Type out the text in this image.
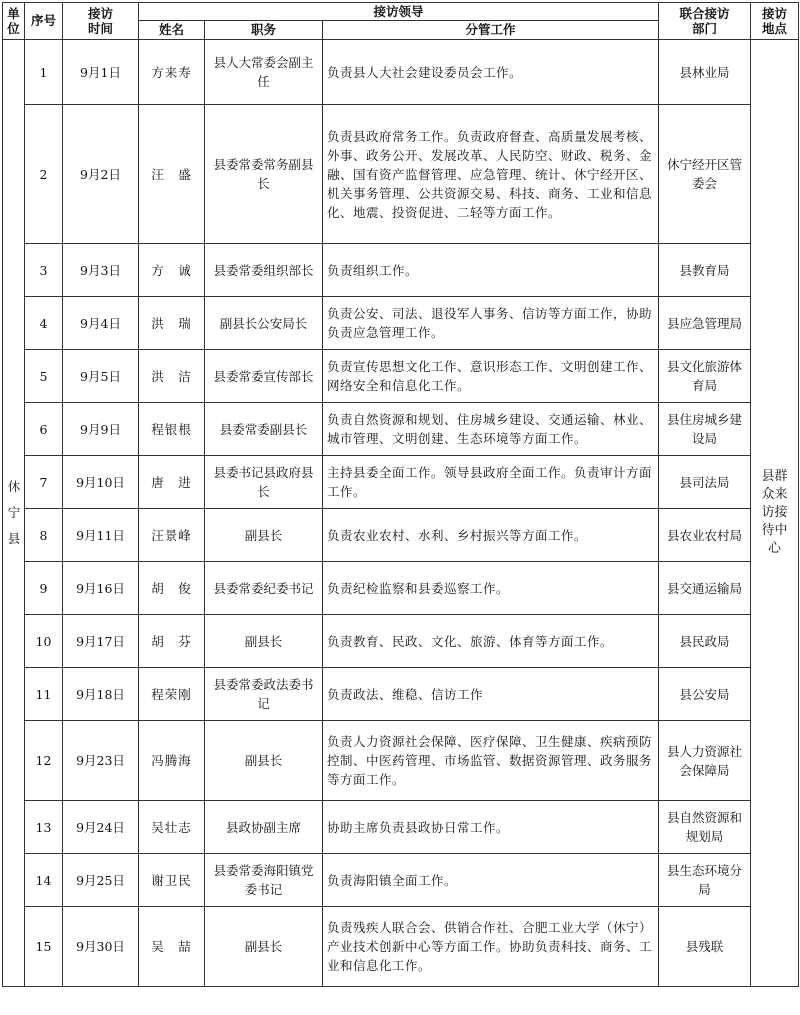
单位	序号	接访时间	接访领导			联合接访部门	接访地点
			姓名	职务	分管工作		
休宁县	1	9月1日	方来寿	县人大常委会副主任	负责县人大社会建设委员会工作。	县林业局	县群众来访接待中心
	2	9月2日	汪　盛	县委常委常务副县长	负责县政府常务工作。负责政府督查、高质量发展考核、外事、政务公开、发展改革、人民防空、财政、税务、金融、国有资产监督管理、应急管理、统计、休宁经开区、机关事务管理、公共资源交易、科技、商务、工业和信息化、地震、投资促进、二轻等方面工作。	休宁经开区管委会	
	3	9月3日	方　诚	县委常委组织部长	负责组织工作。	县教育局	
	4	9月4日	洪　瑞	副县长公安局长	负责公安、司法、退役军人事务、信访等方面工作，协助负责应急管理工作。	县应急管理局	
	5	9月5日	洪　洁	县委常委宣传部长	负责宣传思想文化工作、意识形态工作、文明创建工作、网络安全和信息化工作。	县文化旅游体育局	
	6	9月9日	程银根	县委常委副县长	负责自然资源和规划、住房城乡建设、交通运输、林业、城市管理、文明创建、生态环境等方面工作。	县住房城乡建设局	
	7	9月10日	唐　进	县委书记县政府县长	主持县委全面工作。领导县政府全面工作。负责审计方面工作。	县司法局	
	8	9月11日	汪景峰	副县长	负责农业农村、水利、乡村振兴等方面工作。	县农业农村局	
	9	9月16日	胡　俊	县委常委纪委书记	负责纪检监察和县委巡察工作。	县交通运输局	
	10	9月17日	胡　芬	副县长	负责教育、民政、文化、旅游、体育等方面工作。	县民政局	
	11	9月18日	程荣刚	县委常委政法委书记	负责政法、维稳、信访工作	县公安局	
	12	9月23日	冯腾海	副县长	负责人力资源社会保障、医疗保障、卫生健康、疾病预防控制、中医药管理、市场监管、数据资源管理、政务服务等方面工作。	县人力资源社会保障局	
	13	9月24日	吴壮志	县政协副主席	协助主席负责县政协日常工作。	县自然资源和规划局	
	14	9月25日	谢卫民	县委常委海阳镇党委书记	负责海阳镇全面工作。	县生态环境分局	
	15	9月30日	吴　喆	副县长	负责残疾人联合会、供销合作社、合肥工业大学（休宁）产业技术创新中心等方面工作。协助负责科技、商务、工业和信息化工作。	县残联	
